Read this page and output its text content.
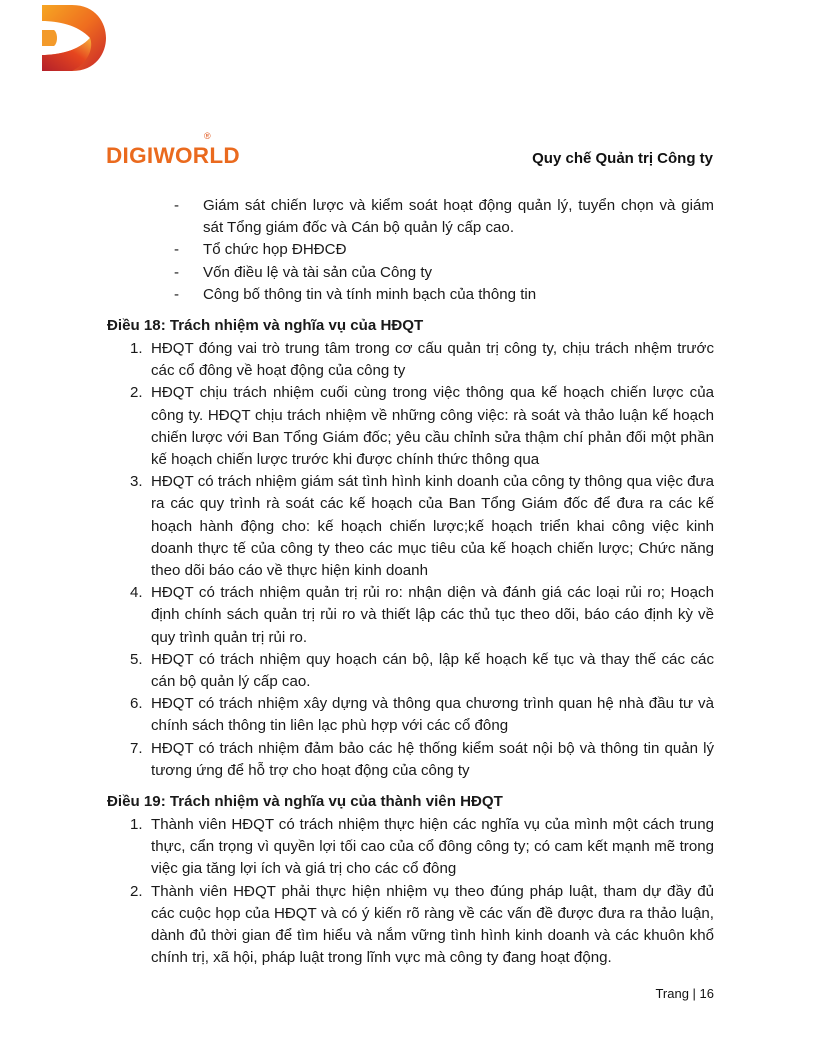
®
DIGIWORLD	Quy chế Quản trị Công ty
- Giám sát chiến lược và kiểm soát hoạt động quản lý, tuyển chọn và giám sát Tổng giám đốc và Cán bộ quản lý cấp cao.
- Tổ chức họp ĐHĐCĐ
- Vốn điều lệ và tài sản của Công ty
- Công bố thông tin và tính minh bạch của thông tin
Điều 18: Trách nhiệm và nghĩa vụ của HĐQT
1. HĐQT đóng vai trò trung tâm trong cơ cấu quản trị công ty, chịu trách nhệm trước các cổ đông về hoạt động của công ty
2. HĐQT chịu trách nhiệm cuối cùng trong việc thông qua kế hoạch chiến lược của công ty. HĐQT chịu trách nhiệm về những công việc: rà soát và thảo luận kế hoạch chiến lược với Ban Tổng Giám đốc; yêu cầu chỉnh sửa thậm chí phản đối một phần kế hoạch chiến lược trước khi được chính thức thông qua
3. HĐQT có trách nhiệm giám sát tình hình kinh doanh của công ty thông qua việc đưa ra các quy trình rà soát các kế hoạch của Ban Tổng Giám đốc để đưa ra các kế hoạch hành động cho: kế hoạch chiến lược;kế hoạch triển khai công việc kinh doanh thực tế của công ty theo các mục tiêu của kế hoạch chiến lược; Chức năng theo dõi báo cáo về thực hiện kinh doanh
4. HĐQT có trách nhiệm quản trị rủi ro: nhận diện và đánh giá các loại rủi ro; Hoạch định chính sách quản trị rủi ro và thiết lập các thủ tục theo dõi, báo cáo định kỳ về quy trình quản trị rủi ro.
5. HĐQT có trách nhiệm quy hoạch cán bộ, lập kế hoạch kế tục và thay thế các các cán bộ quản lý cấp cao.
6. HĐQT có trách nhiệm xây dựng và thông qua chương trình quan hệ nhà đầu tư và chính sách thông tin liên lạc phù hợp với các cổ đông
7. HĐQT có trách nhiệm đảm bảo các hệ thống kiểm soát nội bộ và thông tin quản lý tương ứng để hỗ trợ cho hoạt động của công ty
Điều 19: Trách nhiệm và nghĩa vụ của thành viên HĐQT
1. Thành viên HĐQT có trách nhiệm thực hiện các nghĩa vụ của mình một cách trung thực, cẩn trọng vì quyền lợi tối cao của cổ đông công ty; có cam kết mạnh mẽ trong việc gia tăng lợi ích và giá trị cho các cổ đông
2. Thành viên HĐQT phải thực hiện nhiệm vụ theo đúng pháp luật, tham dự đầy đủ các cuộc họp của HĐQT và có ý kiến rõ ràng về các vấn đề được đưa ra thảo luận, dành đủ thời gian để tìm hiểu và nắm vững tình hình kinh doanh và các khuôn khổ chính trị, xã hội, pháp luật trong lĩnh vực mà công ty đang hoạt động.
Trang | 16
